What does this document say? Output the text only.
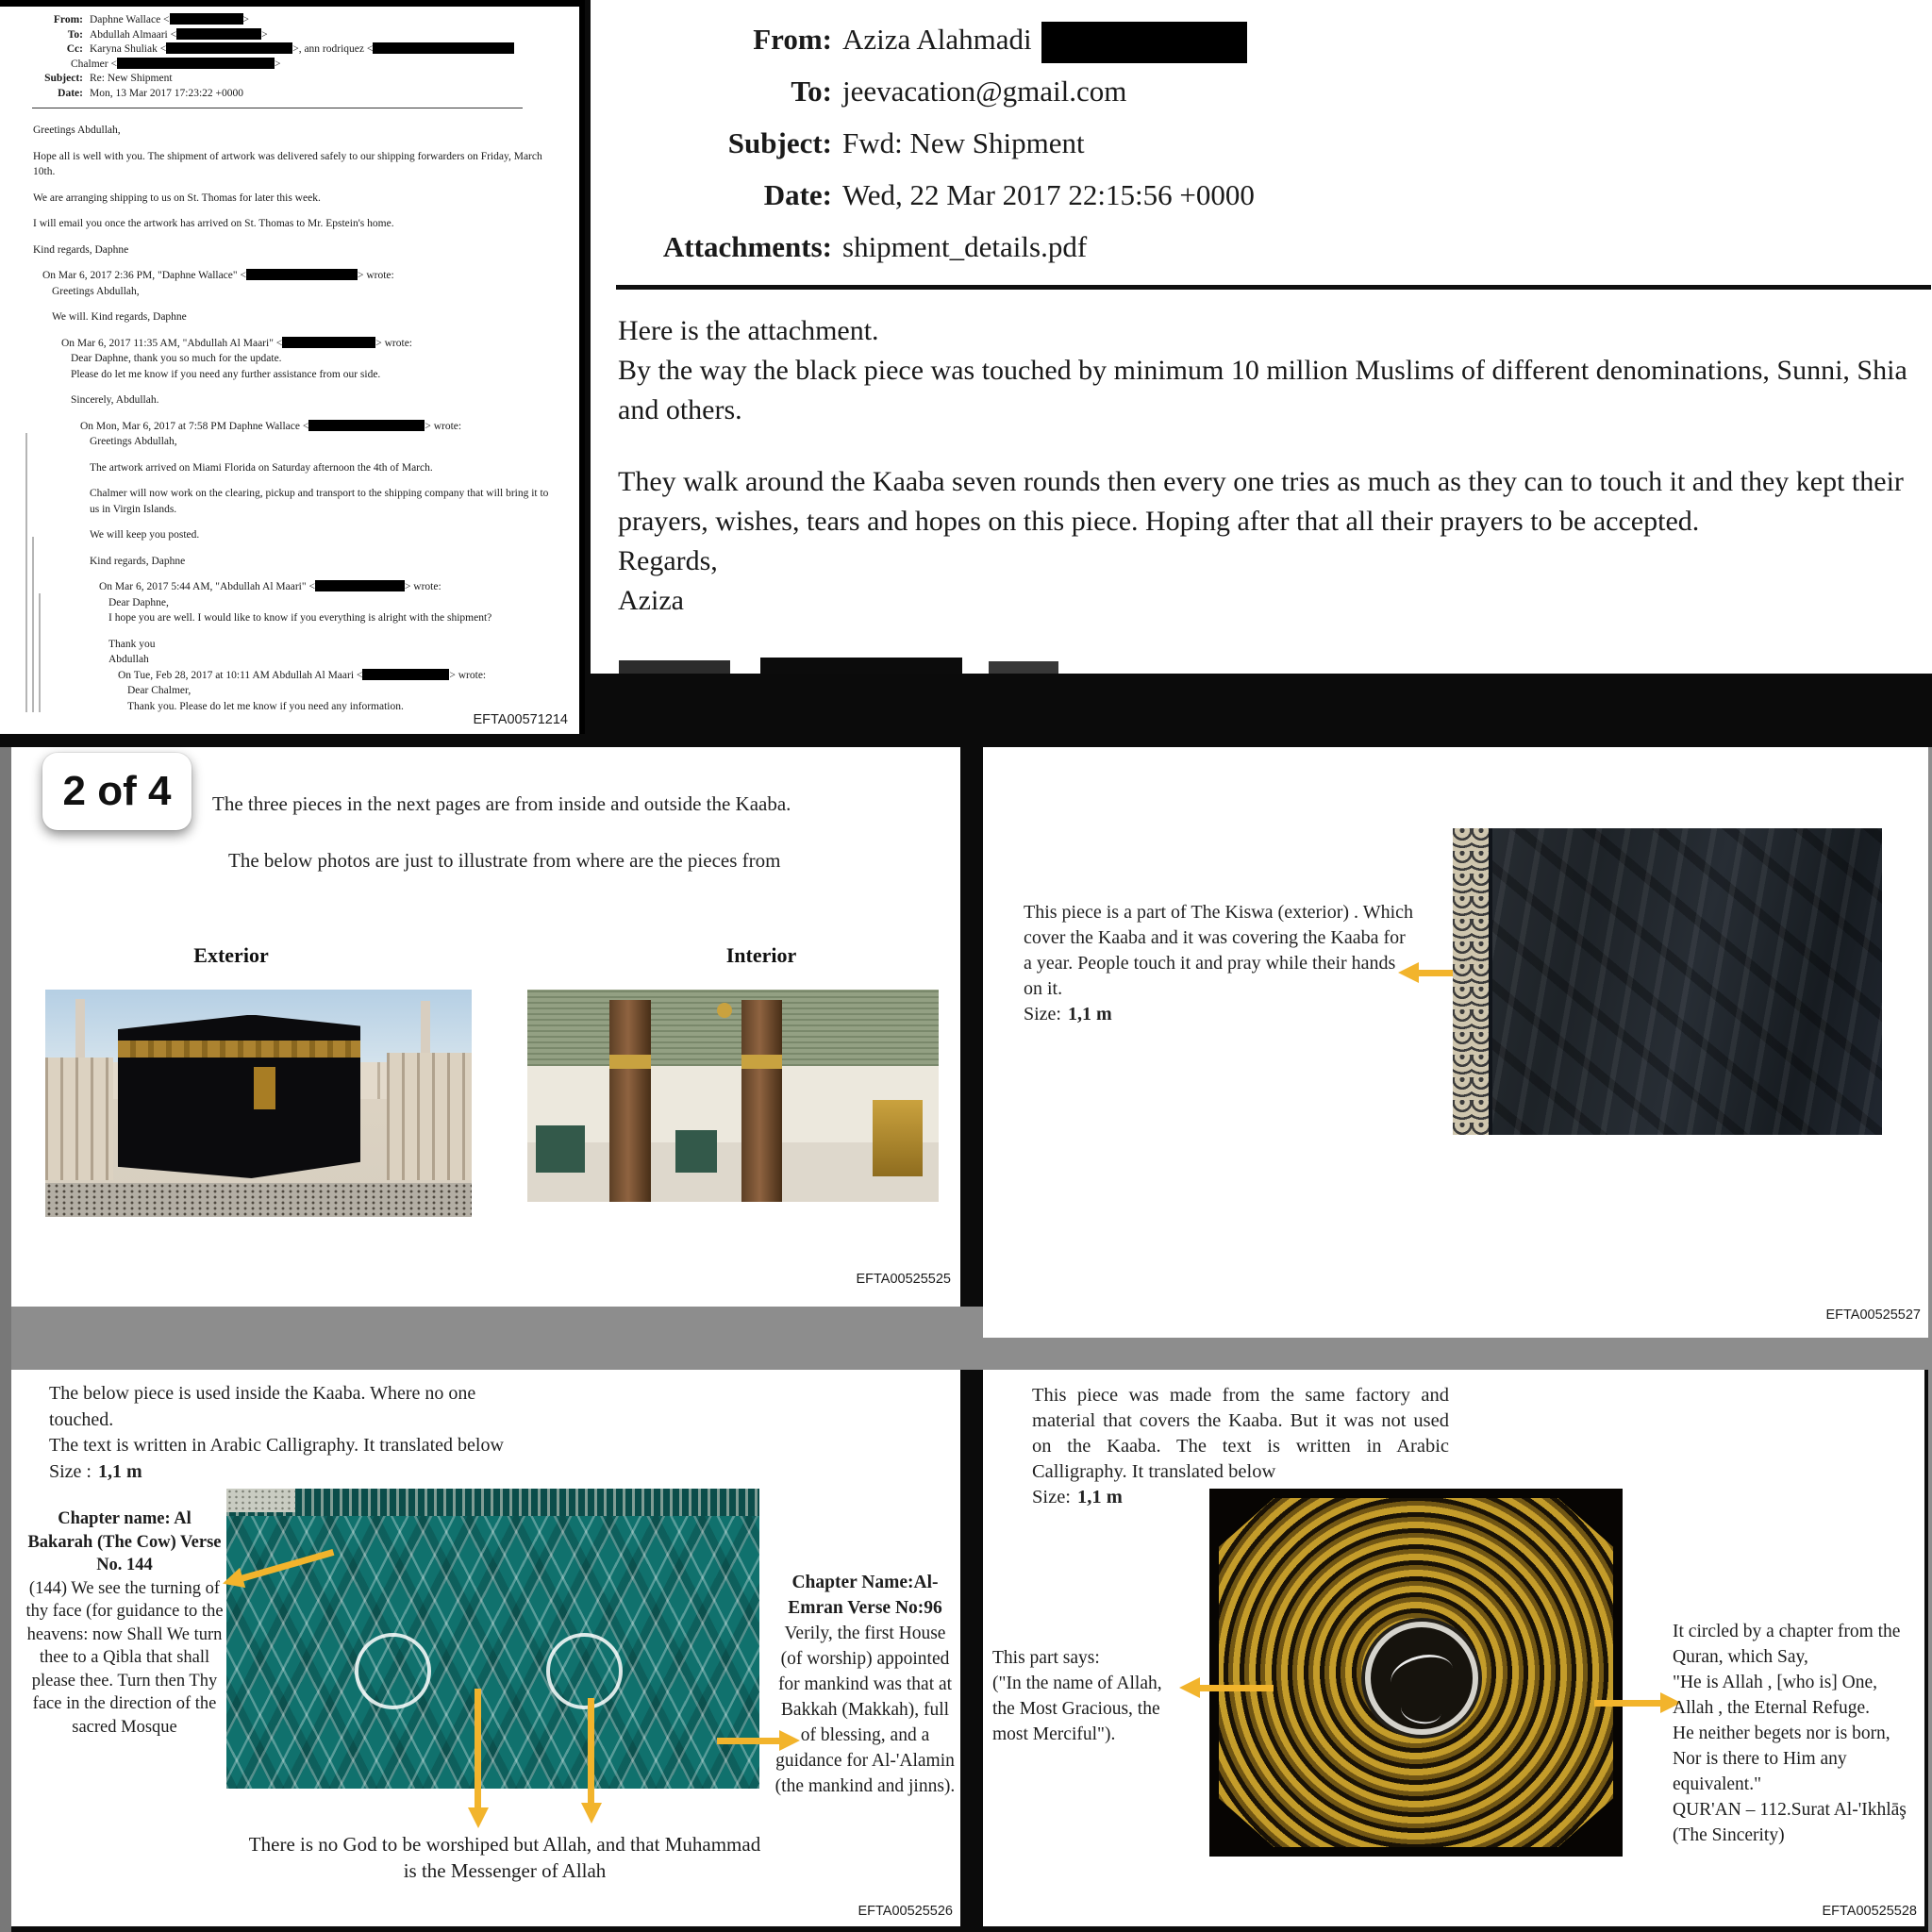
From: Daphne Wallace <	>
To: Abdullah Almaari <	>
Cc: Karyna Shuliak <	>, ann rodriquez <
Chalmer <	>
Subject: Re: New Shipment
Date: Mon, 13 Mar 2017 17:23:22 +0000

Greetings Abdullah,

Hope all is well with you. The shipment of artwork was delivered safely to our shipping forwarders on Friday, March 10th.

We are arranging shipping to us on St. Thomas for later this week.

I will email you once the artwork has arrived on St. Thomas to Mr. Epstein's home.

Kind regards, Daphne

On Mar 6, 2017 2:36 PM, "Daphne Wallace" <	> wrote:

Greetings Abdullah,

We will. Kind regards, Daphne

On Mar 6, 2017 11:35 AM, "Abdullah Al Maari" <	> wrote:

Dear Daphne, thank you so much for the update.

Please do let me know if you need any further assistance from our side.

Sincerely, Abdullah.

On Mon, Mar 6, 2017 at 7:58 PM Daphne Wallace <	> wrote:

Greetings Abdullah,

The artwork arrived on Miami Florida on Saturday afternoon the 4th of March.

Chalmer will now work on the clearing, pickup and transport to the shipping company that will bring it to us in Virgin Islands.

We will keep you posted.

Kind regards, Daphne

On Mar 6, 2017 5:44 AM, "Abdullah Al Maari" <	> wrote:

Dear Daphne,

I hope you are well. I would like to know if you everything is alright with the shipment?

Thank you

Abdullah

On Tue, Feb 28, 2017 at 10:11 AM Abdullah Al Maari <	> wrote:

Dear Chalmer,

Thank you. Please do let me know if you need any information.

EFTA00571214
From: Aziza Alahmadi
To: jeevacation@gmail.com
Subject: Fwd: New Shipment
Date: Wed, 22 Mar 2017 22:15:56 +0000
Attachments: shipment_details.pdf

Here is the attachment.

By the way the black piece was touched by minimum 10 million Muslims of different denominations, Sunni, Shia and others.

They walk around the Kaaba seven rounds then every one tries as much as they can to touch it and they kept their prayers, wishes, tears and hopes on this piece. Hoping after that all their prayers to be accepted.

Regards,

Aziza

2 of 4	The three pieces in the next pages are from inside and outside the Kaaba.
The below photos are just to illustrate from where are the pieces from
Exterior	Interior
EFTA00525525
This piece is a part of The Kiswa (exterior) . Which
cover the Kaaba and it was covering the Kaaba for
a year. People touch it and pray while their hands
on it.
Size: 1,1 m
EFTA00525527
The below piece is used inside the Kaaba. Where no one
touched.
The text is written in Arabic Calligraphy. It translated below
Size : 1,1 m
Chapter name: Al Bakarah (The Cow) Verse No. 144
(144) We see the turning of thy face (for guidance to the heavens: now Shall We turn thee to a Qibla that shall please thee. Turn then Thy face in the direction of the sacred Mosque
Chapter Name:Al-Emran Verse No:96
Verily, the first House (of worship) appointed for mankind was that at Bakkah (Makkah), full of blessing, and a guidance for Al-'Alamin (the mankind and jinns).
There is no God to be worshiped but Allah, and that Muhammad
is the Messenger of Allah
EFTA00525526
This piece was made from the same factory and material that covers the Kaaba. But it was not used on the Kaaba. The text is written in Arabic Calligraphy. It translated below
Size: 1,1 m
This part says:
("In the name of Allah, the Most Gracious, the most Merciful").
It circled by a chapter from the
Quran, which Say,
"He is Allah , [who is] One,
Allah , the Eternal Refuge.
He neither begets nor is born,
Nor is there to Him any
equivalent."
QUR'AN – 112.Surat Al-'Ikhlāş
(The Sincerity)
EFTA00525528
